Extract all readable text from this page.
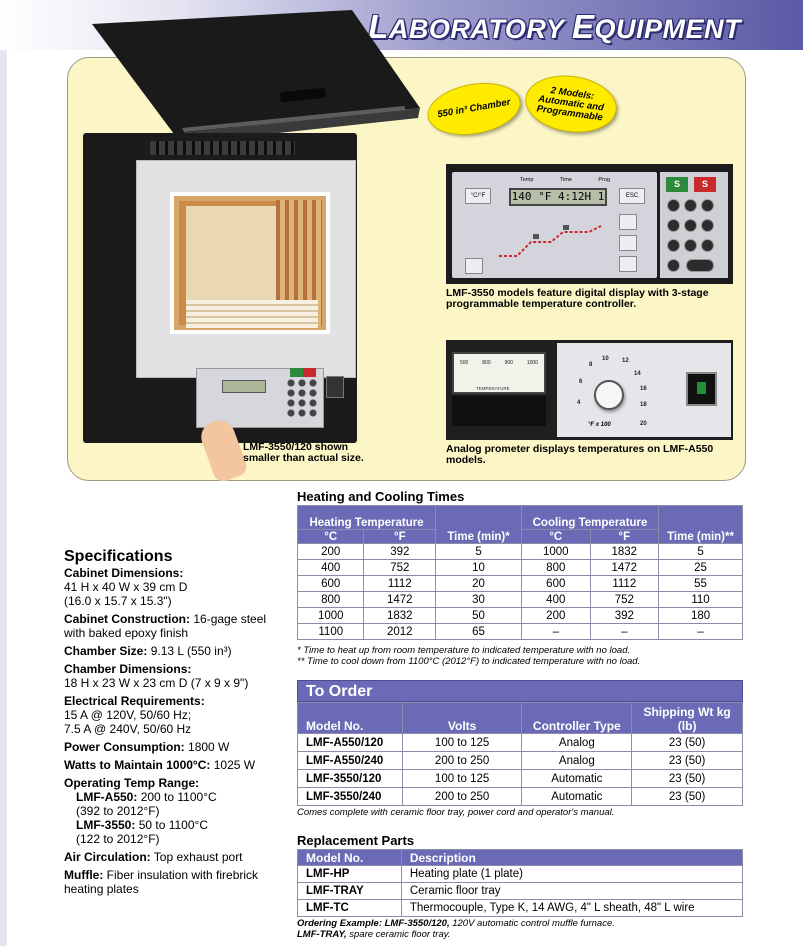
LABORATORY EQUIPMENT
LMF-3550/120 shown smaller than actual size.
550 in³ Chamber
2 Models: Automatic and Programmable
Temp	Time	Prog
140 °F 4:12H 1
°C/°F	ESC
S	S
LMF-3550 models feature digital display with 3-stage programmable temperature controller.
500	800	900	1000
TEMPERATURE
4
6
8
10 12
14
16
18
20
°F x 100
Analog prometer displays temperatures on LMF-A550 models.
Specifications
Cabinet Dimensions:
41 H x 40 W x 39 cm D
(16.0 x 15.7 x 15.3")
Cabinet Construction: 16-gage steel with baked epoxy finish
Chamber Size: 9.13 L (550 in³)
Chamber Dimensions:
18 H x 23 W x 23 cm D (7 x 9 x 9")
Electrical Requirements:
15 A @ 120V, 50/60 Hz;
7.5 A @ 240V, 50/60 Hz
Power Consumption: 1800 W
Watts to Maintain 1000°C: 1025 W
Operating Temp Range:

LMF-A550: 200 to 1100°C
(392 to 2012°F)
LMF-3550: 50 to 1100°C
(122 to 2012°F)
Air Circulation: Top exhaust port
Muffle: Fiber insulation with firebrick heating plates
Heating and Cooling Times
Heating Temperature		Time (min)*	Cooling Temperature		Time (min)**
°C	°F		°C	°F	
200	392	5	1000	1832	5
400	752	10	800	1472	25
600	1112	20	600	1112	55
800	1472	30	400	752	110
1000	1832	50	200	392	180
1100	2012	65	–	–	–
* Time to heat up from room temperature to indicated temperature with no load.
** Time to cool down from 1100°C (2012°F) to indicated temperature with no load.
To Order
Model No.	Volts	Controller Type	Shipping Wt kg (lb)
LMF-A550/120	100 to 125	Analog	23 (50)
LMF-A550/240	200 to 250	Analog	23 (50)
LMF-3550/120	100 to 125	Automatic	23 (50)
LMF-3550/240	200 to 250	Automatic	23 (50)
Comes complete with ceramic floor tray, power cord and operator's manual.
Replacement Parts
Model No.	Description
LMF-HP	Heating plate (1 plate)
LMF-TRAY	Ceramic floor tray
LMF-TC	Thermocouple, Type K, 14 AWG, 4" L sheath, 48" L wire
Ordering Example: LMF-3550/120, 120V automatic control muffle furnace.
LMF-TRAY, spare ceramic floor tray.
